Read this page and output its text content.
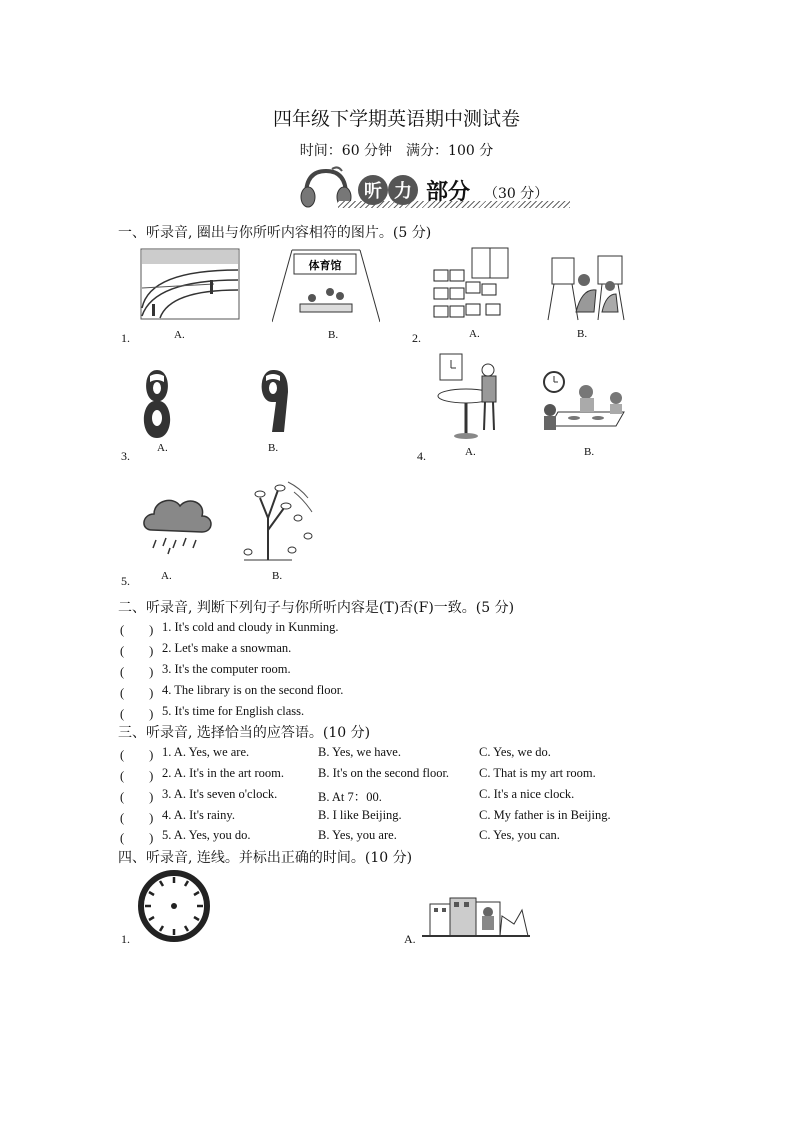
四年级下学期英语期中测试卷
时间：60 分钟　满分：100 分
听 力 部分 （30 分）
一、听录音, 圈出与你所听内容相符的图片。(5 分)
体育馆
1.	A.	B.	2.	A.	B.
3.
A.	B.
4.	A.	B.
5.	A.	B.
二、听录音, 判断下列句子与你所听内容是(T)否(F)一致。(5 分)
(　　) 1. It's cold and cloudy in Kunming.
(　　) 2. Let's make a snowman.
(　　) 3. It's the computer room.
(　　) 4. The library is on the second floor.
(　　) 5. It's time for English class.
三、听录音, 选择恰当的应答语。(10 分)
(　　) 1. A. Yes, we are.	B. Yes, we have.	C. Yes, we do.
(　　) 2. A. It's in the art room.	B. It's on the second floor. C. That is my art room.
(　　) 3. A. It's seven o'clock.	B. At 7：00.	C. It's a nice clock.
(　　) 4. A. It's rainy.	B. I like Beijing.	C. My father is in Beijing.
(　　) 5. A. Yes, you do.	B. Yes, you are.	C. Yes, you can.
四、听录音, 连线。并标出正确的时间。(10 分)
1.	A.
